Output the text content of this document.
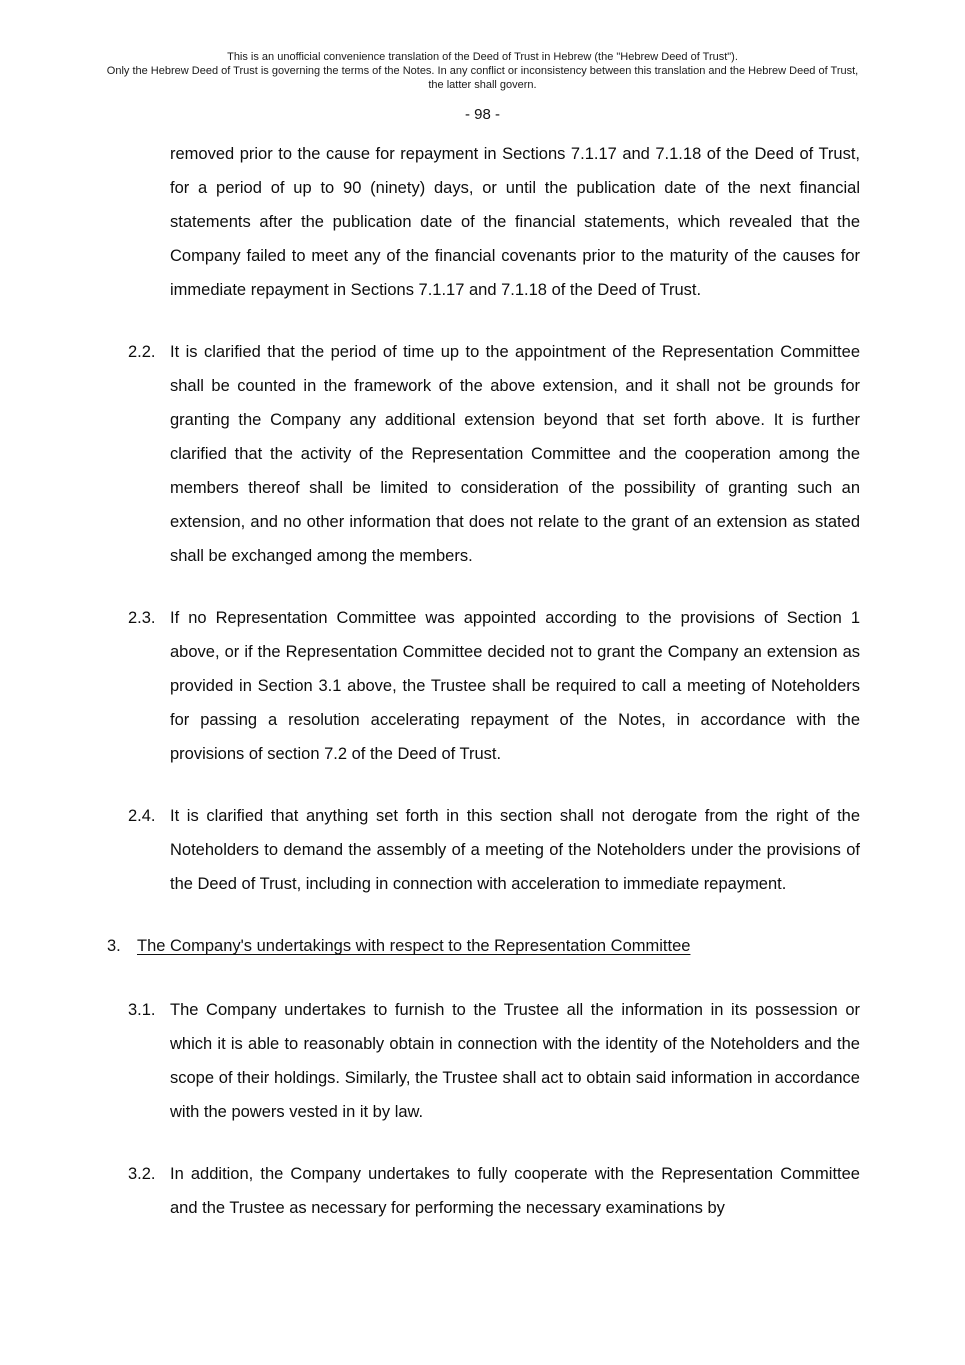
This is an unofficial convenience translation of the Deed of Trust in Hebrew (the "Hebrew Deed of Trust").
Only the Hebrew Deed of Trust is governing the terms of the Notes. In any conflict or inconsistency between this translation and the Hebrew Deed of Trust, the latter shall govern.
- 98 -
removed prior to the cause for repayment in Sections 7.1.17 and 7.1.18 of the Deed of Trust, for a period of up to 90 (ninety) days, or until the publication date of the next financial statements after the publication date of the financial statements, which revealed that the Company failed to meet any of the financial covenants prior to the maturity of the causes for immediate repayment in Sections 7.1.17 and 7.1.18 of the Deed of Trust.
2.2. It is clarified that the period of time up to the appointment of the Representation Committee shall be counted in the framework of the above extension, and it shall not be grounds for granting the Company any additional extension beyond that set forth above. It is further clarified that the activity of the Representation Committee and the cooperation among the members thereof shall be limited to consideration of the possibility of granting such an extension, and no other information that does not relate to the grant of an extension as stated shall be exchanged among the members.
2.3. If no Representation Committee was appointed according to the provisions of Section 1 above, or if the Representation Committee decided not to grant the Company an extension as provided in Section 3.1 above, the Trustee shall be required to call a meeting of Noteholders for passing a resolution accelerating repayment of the Notes, in accordance with the provisions of section 7.2 of the Deed of Trust.
2.4. It is clarified that anything set forth in this section shall not derogate from the right of the Noteholders to demand the assembly of a meeting of the Noteholders under the provisions of the Deed of Trust, including in connection with acceleration to immediate repayment.
3. The Company's undertakings with respect to the Representation Committee
3.1. The Company undertakes to furnish to the Trustee all the information in its possession or which it is able to reasonably obtain in connection with the identity of the Noteholders and the scope of their holdings. Similarly, the Trustee shall act to obtain said information in accordance with the powers vested in it by law.
3.2. In addition, the Company undertakes to fully cooperate with the Representation Committee and the Trustee as necessary for performing the necessary examinations by
